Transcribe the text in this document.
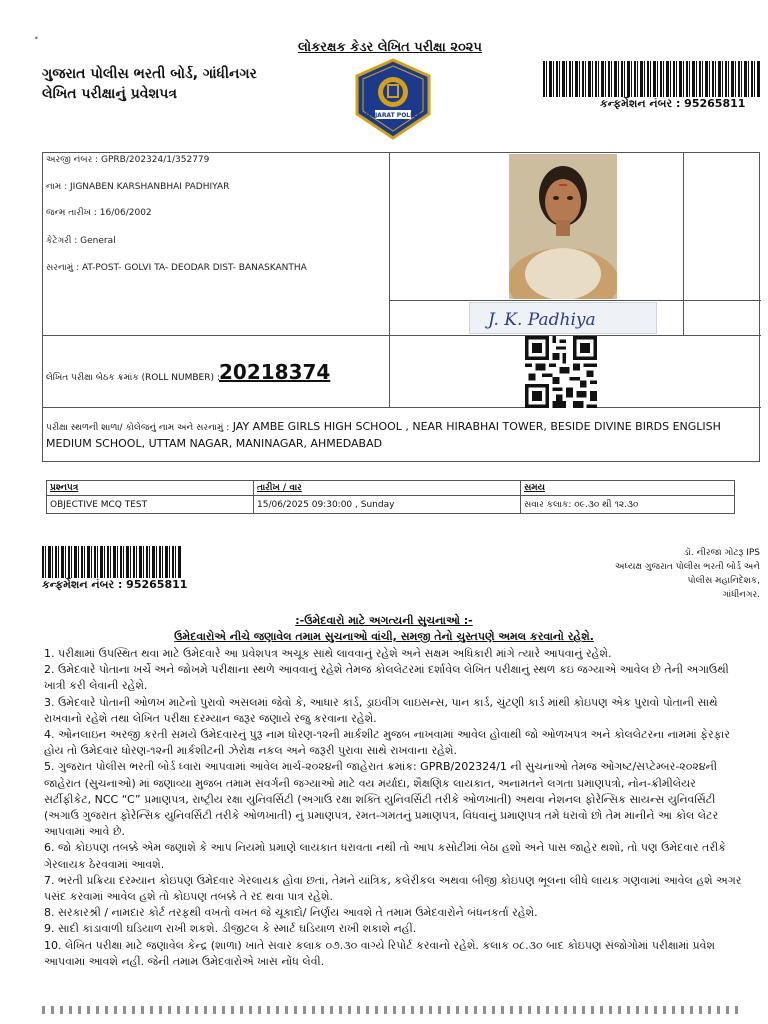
•
ગુજરાત પોલીસ ભરતી બોર્ડ, ગાંધીનગર
લેખિત પરીક્ષાનું પ્રવેશપત્ર
લોકરક્ષક કેડર લેખિત પરીક્ષા ૨૦૨૫
GUJARAT POLICE
કન્ફર્મેશન નંબર : 95265811
અરજી નંબર : GPRB/202324/1/352779
નામ : JIGNABEN KARSHANBHAI PADHIYAR
જન્મ તારીખ : 16/06/2002
કેટેગરી : General
સરનામું : AT-POST- GOLVI TA- DEODAR DIST- BANASKANTHA
J. K. Padhiya
લેખિત પરીક્ષા બેઠક ક્રમાંક (ROLL NUMBER) : 20218374
પરીક્ષા સ્થળની શાળા/ કોલેજનું નામ અને સરનામું : JAY AMBE GIRLS HIGH SCHOOL , NEAR HIRABHAI TOWER, BESIDE DIVINE BIRDS ENGLISH MEDIUM SCHOOL, UTTAM NAGAR, MANINAGAR, AHMEDABAD
પ્રશ્નપત્ર	તારીખ / વાર	સમય
OBJECTIVE MCQ TEST	15/06/2025 09:30:00 , Sunday	સવાર કલાક: ૦૯.૩૦ થી ૧૨.૩૦
કન્ફર્મેશન નંબર : 95265811
ડૉ. નીરજા ગોટરૂ IPS
અધ્યક્ષ ગુજરાત પોલીસ ભરતી બોર્ડ અને
પોલીસ મહાનિદેશક,
ગાંધીનગર.
:-ઉમેદવારો માટે અગત્યની સુચનાઓ :-
ઉમેદવારોએ નીચે જણાવેલ તમામ સુચનાઓ વાંચી, સમજી તેનો ચુસ્તપણે અમલ કરવાનો રહેશે.

1. પરીક્ષામાં ઉપસ્થિત થવા માટે ઉમેદવારે આ પ્રવેશપત્ર અચૂક સાથે લાવવાનું રહેશે અને સક્ષમ અધિકારી માંગે ત્યારે આપવાનું રહેશે.

2. ઉમેદવારે પોતાના ખર્ચે અને જોખમે પરીક્ષાના સ્થળે આવવાનું રહેશે તેમજ કોલલેટરમાં દર્શાવેલ લેખિત પરીક્ષાનું સ્થળ કઇ જગ્યાએ આવેલ છે તેની અગાઉથી ખાત્રી કરી લેવાની રહેશે.

3. ઉમેદવારે પોતાની ઓળખ માટેનો પુરાવો અસલમાં જેવો કે, આધાર કાર્ડ, ડ્રાઇવીંગ લાઇસન્સ, પાન કાર્ડ, ચુંટણી કાર્ડ માંથી કોઇપણ એક પુરાવો પોતાની સાથે રાખવાનો રહેશે તથા લેખિત પરીક્ષા દરમ્યાન જરૂર જણાયે રજુ કરવાના રહેશે.

4. ઓનલાઇન અરજી કરતી સમયે ઉમેદવારનું પુરૂ નામ ધોરણ-૧૨ની માર્કશીટ મુજબ નાખવામાં આવેલ હોવાથી જો ઓળખપત્ર અને કોલલેટરના નામમાં ફેરફાર હોય તો ઉમેદવાર ધોરણ-૧૨ની માર્કશીટની ઝેરોક્ષ નકલ અને જરૂરી પુરાવા સાથે રાખવાના રહેશે.

5. ગુજરાત પોલીસ ભરતી બોર્ડ ધ્વારા આપવામાં આવેલ માર્ચ-૨૦૨૪ની જાહેરાત ક્રમાંક: GPRB/202324/1 ની સુચનાઓ તેમજ ઓગષ્ટ/સપ્ટેમ્બર-૨૦૨૪ની જાહેરાત (સુચનાઓ) માં જણાવ્યા મુજબ તમામ સંવર્ગની જગ્યાઓ માટે વય મર્યાદા, શૈક્ષણિક લાયકાત, અનામતને લગતા પ્રમાણપત્રો, નોન-ક્રીમીલેયર સર્ટીફીકેટ, NCC “C” પ્રમાણપત્ર, રાષ્ટ્રીય રક્ષા યુનિવર્સિટી (અગાઉ રક્ષા શક્તિ યુનિવર્સિટી તરીકે ઓળખાતી) અથવા નેશનલ ફોરેન્સિક સાયન્સ યુનિવર્સિટી (અગાઉ ગુજરાત ફોરેન્સિક યુનિવર્સિટી તરીકે ઓળખાતી) નું પ્રમાણપત્ર, રમત-ગમતનું પ્રમાણપત્ર, વિધવાનું પ્રમાણપત્ર તમે ધરાવો છો તેમ માનીને આ કોલ લેટર આપવામાં આવે છે.

6. જો કોઇપણ તબક્કે એમ જણાશે કે આપ નિયમો પ્રમાણે લાયકાત ધરાવતા નથી તો આપ કસોટીમાં બેઠા હશો અને પાસ જાહેર થશો, તો પણ ઉમેદવાર તરીકે ગેરલાયક ઠેરવવામાં આવશે.

7. ભરતી પ્રક્રિયા દરમ્યાન કોઇપણ ઉમેદવાર ગેરલાયક હોવા છતાં, તેમને યાંત્રિક, કલેરીકલ અથવા બીજી કોઇપણ ભૂલના લીધે લાયક ગણવામાં આવેલ હશે અગર પસંદ કરવામાં આવેલ હશે તો કોઇપણ તબક્કે તે રદ થવા પાત્ર રહેશે.

8. સરકારશ્રી / નામદાર કોર્ટ તરફથી વખતો વખત જે ચૂકાદો/ નિર્ણય આવશે તે તમામ ઉમેદવારોને બંધનકર્તા રહેશે.

9. સાદી કાંડાવાળી ઘડિયાળ રાખી શકશે. ડીજીટલ કે સ્માર્ટ ઘડિયાળ રાખી શકાશે નહીં.

10. લેખિત પરીક્ષા માટે જણાવેલ કેન્દ્ર (શાળા) ખાતે સવાર કલાક ૦૭.૩૦ વાગ્યે રિપોર્ટ કરવાનો રહેશે. કલાક ૦૮.૩૦ બાદ કોઇપણ સંજોગોમાં પરીક્ષામાં પ્રવેશ આપવામાં આવશે નહીં. જેની તમામ ઉમેદવારોએ ખાસ નોંધ લેવી.
